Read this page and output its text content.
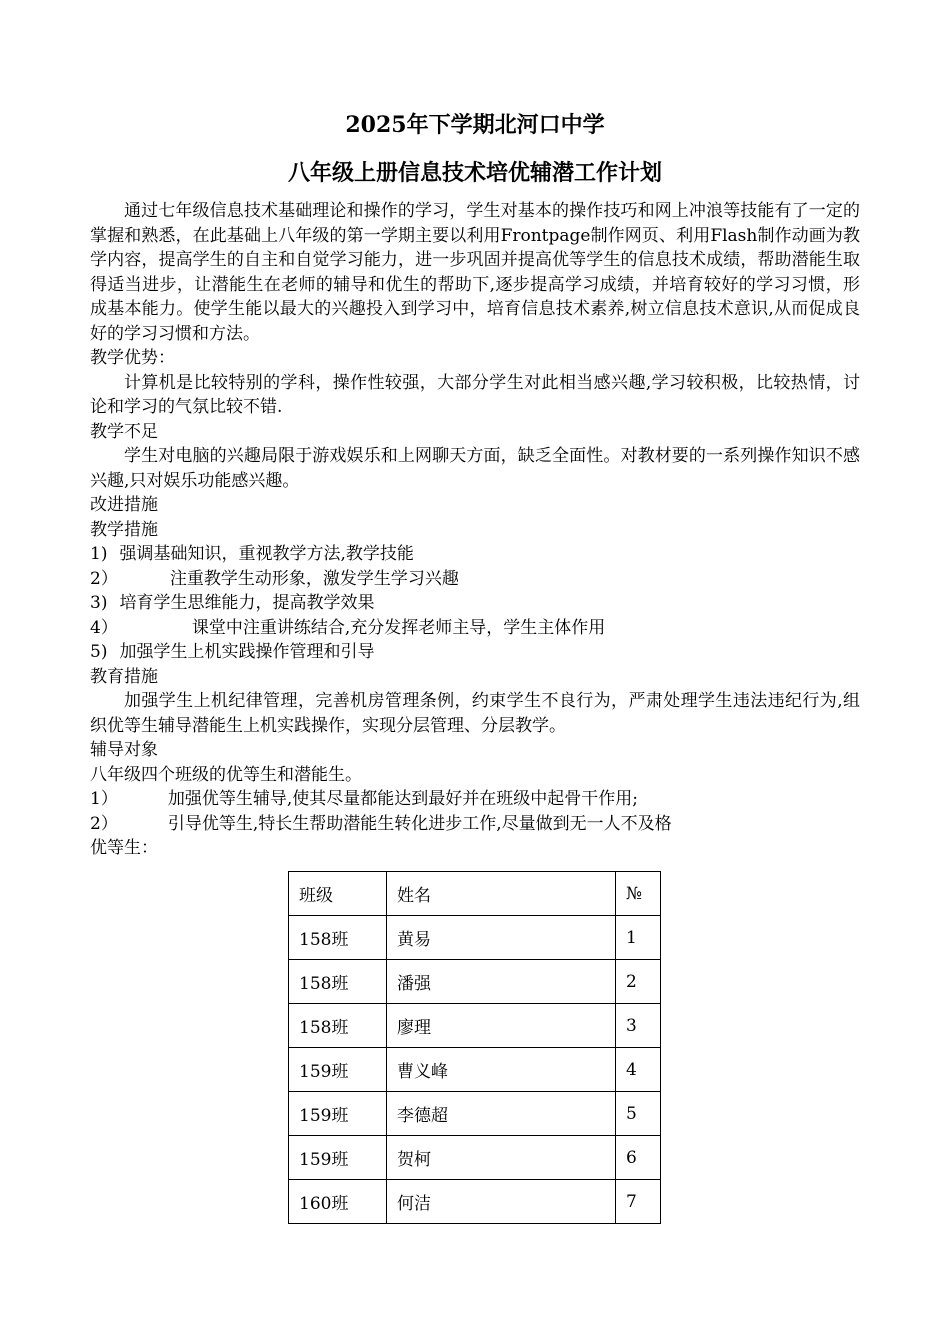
2025年下学期北河口中学
八年级上册信息技术培优辅潜工作计划

通过七年级信息技术基础理论和操作的学习，学生对基本的操作技巧和网上冲浪等技能有了一定的掌握和熟悉，在此基础上八年级的第一学期主要以利用Frontpage制作网页、利用Flash制作动画为教学内容，提高学生的自主和自觉学习能力，进一步巩固并提高优等学生的信息技术成绩，帮助潜能生取得适当进步，让潜能生在老师的辅导和优生的帮助下,逐步提高学习成绩，并培育较好的学习习惯，形成基本能力。使学生能以最大的兴趣投入到学习中，培育信息技术素养,树立信息技术意识,从而促成良好的学习习惯和方法。

教学优势：

计算机是比较特别的学科，操作性较强，大部分学生对此相当感兴趣,学习较积极，比较热情，讨论和学习的气氛比较不错.

教学不足

学生对电脑的兴趣局限于游戏娱乐和上网聊天方面，缺乏全面性。对教材要的一系列操作知识不感兴趣,只对娱乐功能感兴趣。

改进措施

教学措施

1) 强调基础知识，重视教学方法,教学技能
2）	注重教学生动形象，激发学生学习兴趣
3) 培育学生思维能力，提高教学效果
4）	课堂中注重讲练结合,充分发挥老师主导，学生主体作用
5) 加强学生上机实践操作管理和引导

教育措施

加强学生上机纪律管理，完善机房管理条例，约束学生不良行为，严肃处理学生违法违纪行为,组织优等生辅导潜能生上机实践操作，实现分层管理、分层教学。

辅导对象

八年级四个班级的优等生和潜能生。

1）	加强优等生辅导,使其尽量都能达到最好并在班级中起骨干作用;
2）	引导优等生,特长生帮助潜能生转化进步工作,尽量做到无一人不及格

优等生：

班级	姓名	№
158班	黄易	1
158班	潘强	2
158班	廖理	3
159班	曹义峰	4
159班	李德超	5
159班	贺柯	6
160班	何洁	7
